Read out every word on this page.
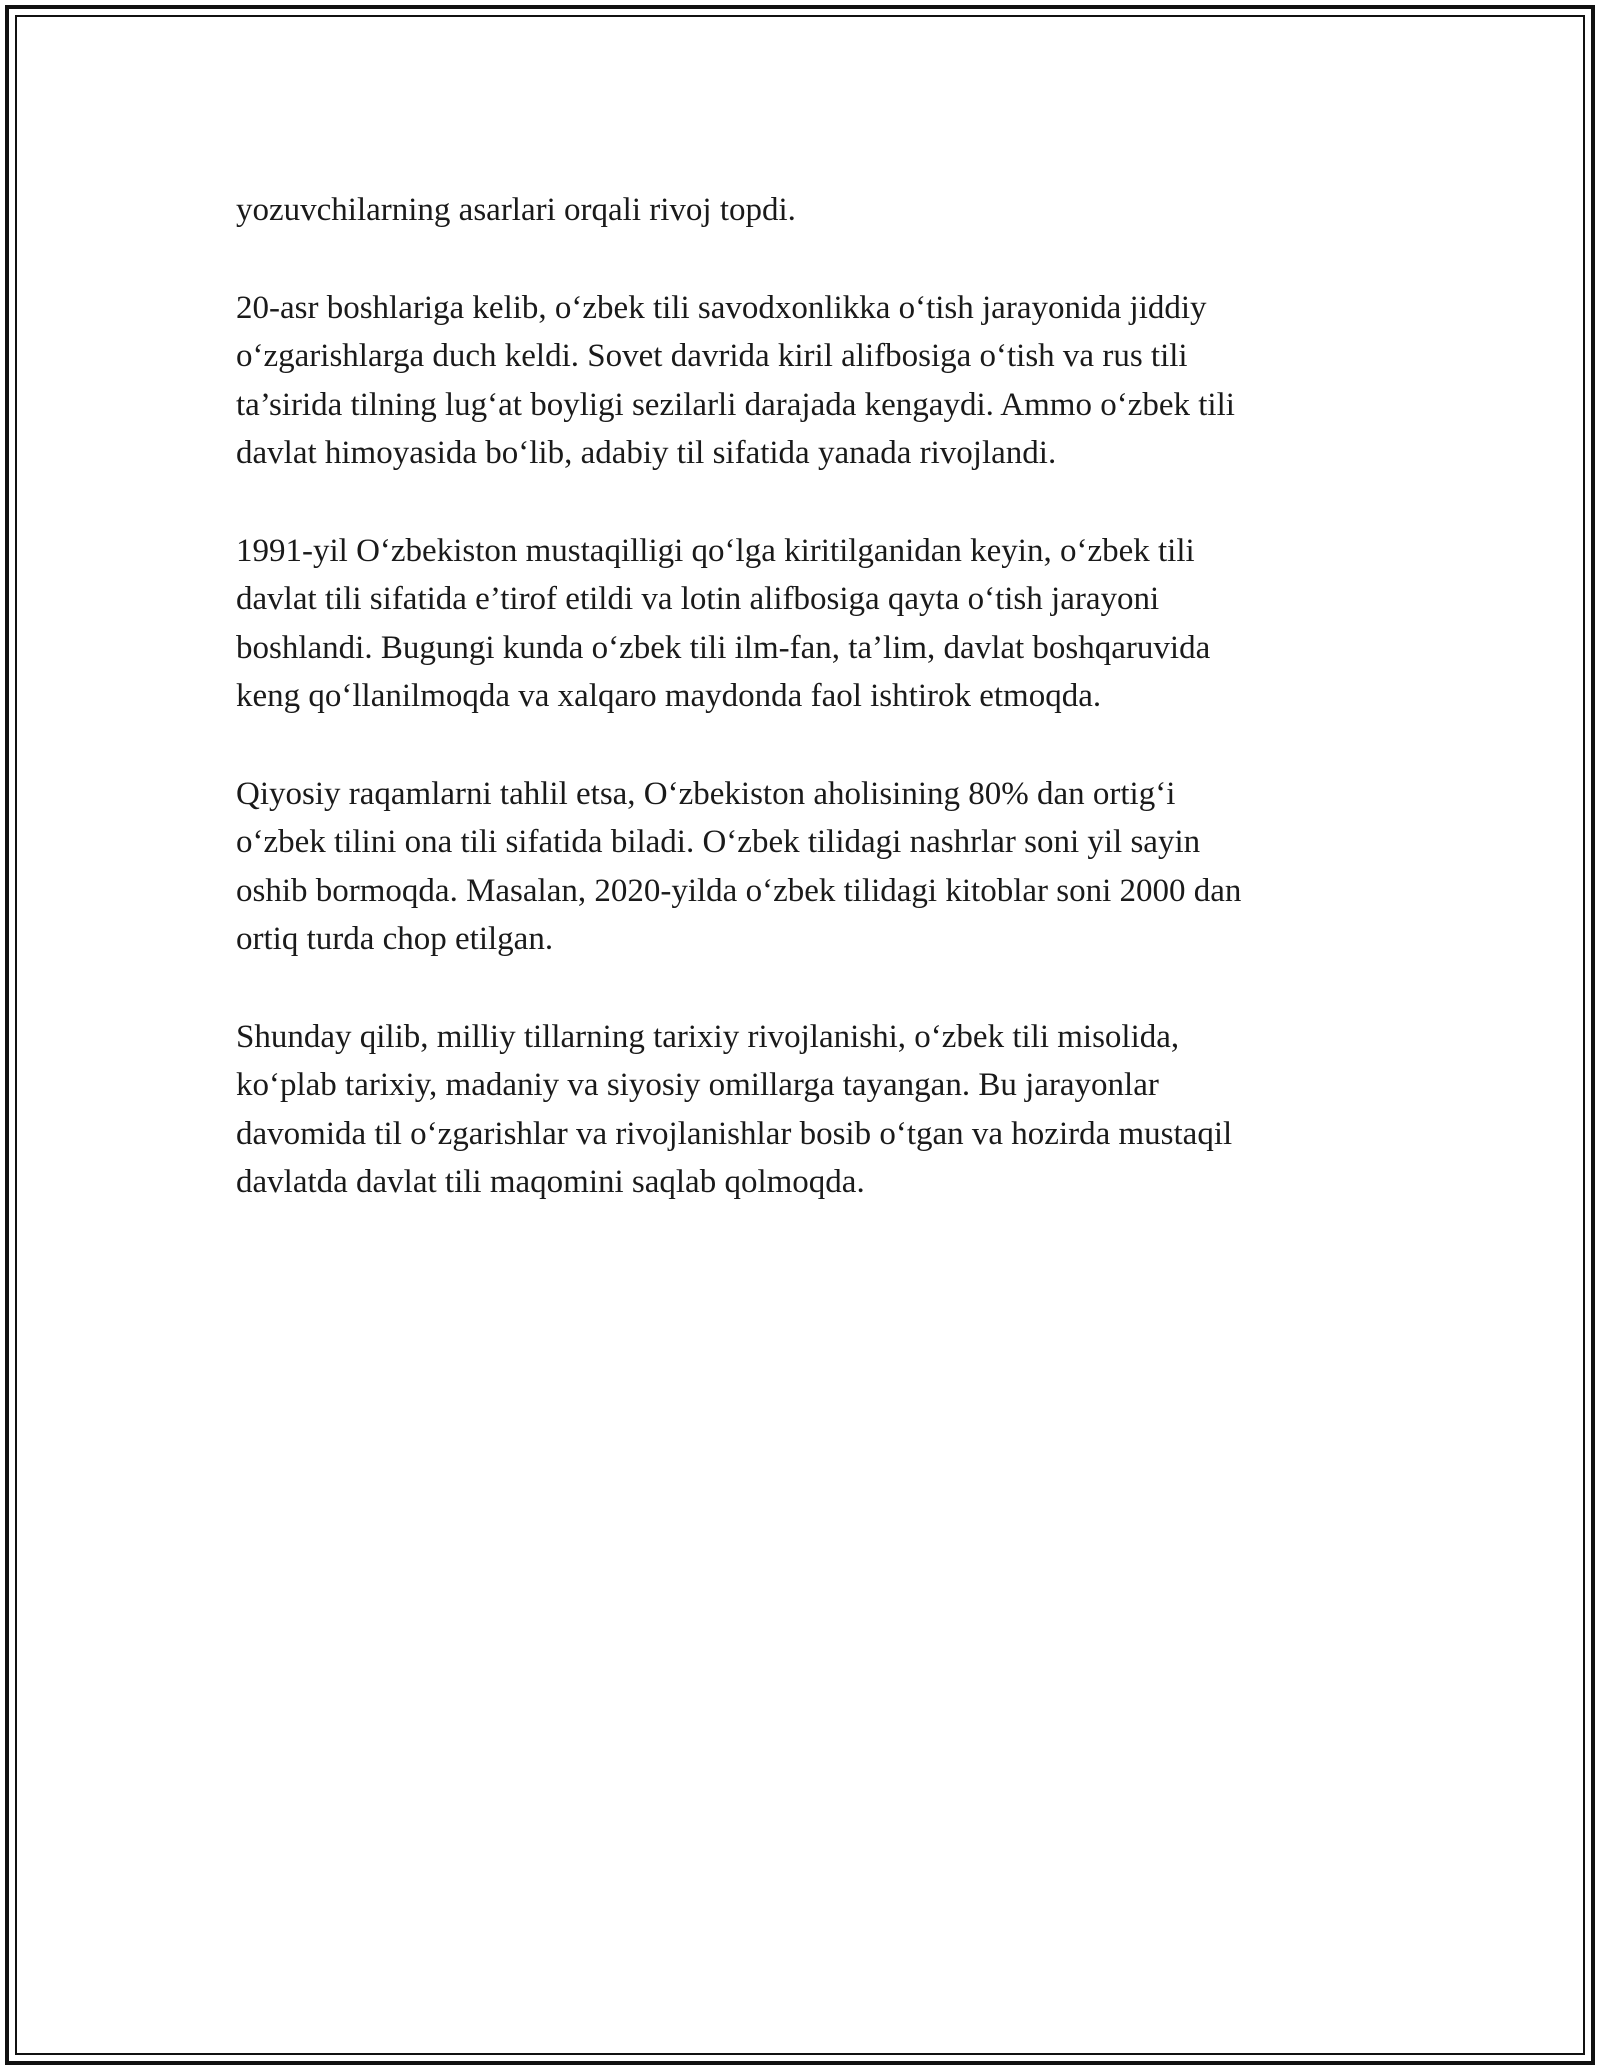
yozuvchilarning asarlari orqali rivoj topdi.

20-asr boshlariga kelib, o‘zbek tili savodxonlikka o‘tish jarayonida jiddiy
o‘zgarishlarga duch keldi. Sovet davrida kiril alifbosiga o‘tish va rus tili
ta’sirida tilning lug‘at boyligi sezilarli darajada kengaydi. Ammo o‘zbek tili
davlat himoyasida bo‘lib, adabiy til sifatida yanada rivojlandi.

1991-yil O‘zbekiston mustaqilligi qo‘lga kiritilganidan keyin, o‘zbek tili
davlat tili sifatida e’tirof etildi va lotin alifbosiga qayta o‘tish jarayoni
boshlandi. Bugungi kunda o‘zbek tili ilm-fan, ta’lim, davlat boshqaruvida
keng qo‘llanilmoqda va xalqaro maydonda faol ishtirok etmoqda.

Qiyosiy raqamlarni tahlil etsa, O‘zbekiston aholisining 80% dan ortig‘i
o‘zbek tilini ona tili sifatida biladi. O‘zbek tilidagi nashrlar soni yil sayin
oshib bormoqda. Masalan, 2020-yilda o‘zbek tilidagi kitoblar soni 2000 dan
ortiq turda chop etilgan.

Shunday qilib, milliy tillarning tarixiy rivojlanishi, o‘zbek tili misolida,
ko‘plab tarixiy, madaniy va siyosiy omillarga tayangan. Bu jarayonlar
davomida til o‘zgarishlar va rivojlanishlar bosib o‘tgan va hozirda mustaqil
davlatda davlat tili maqomini saqlab qolmoqda.
